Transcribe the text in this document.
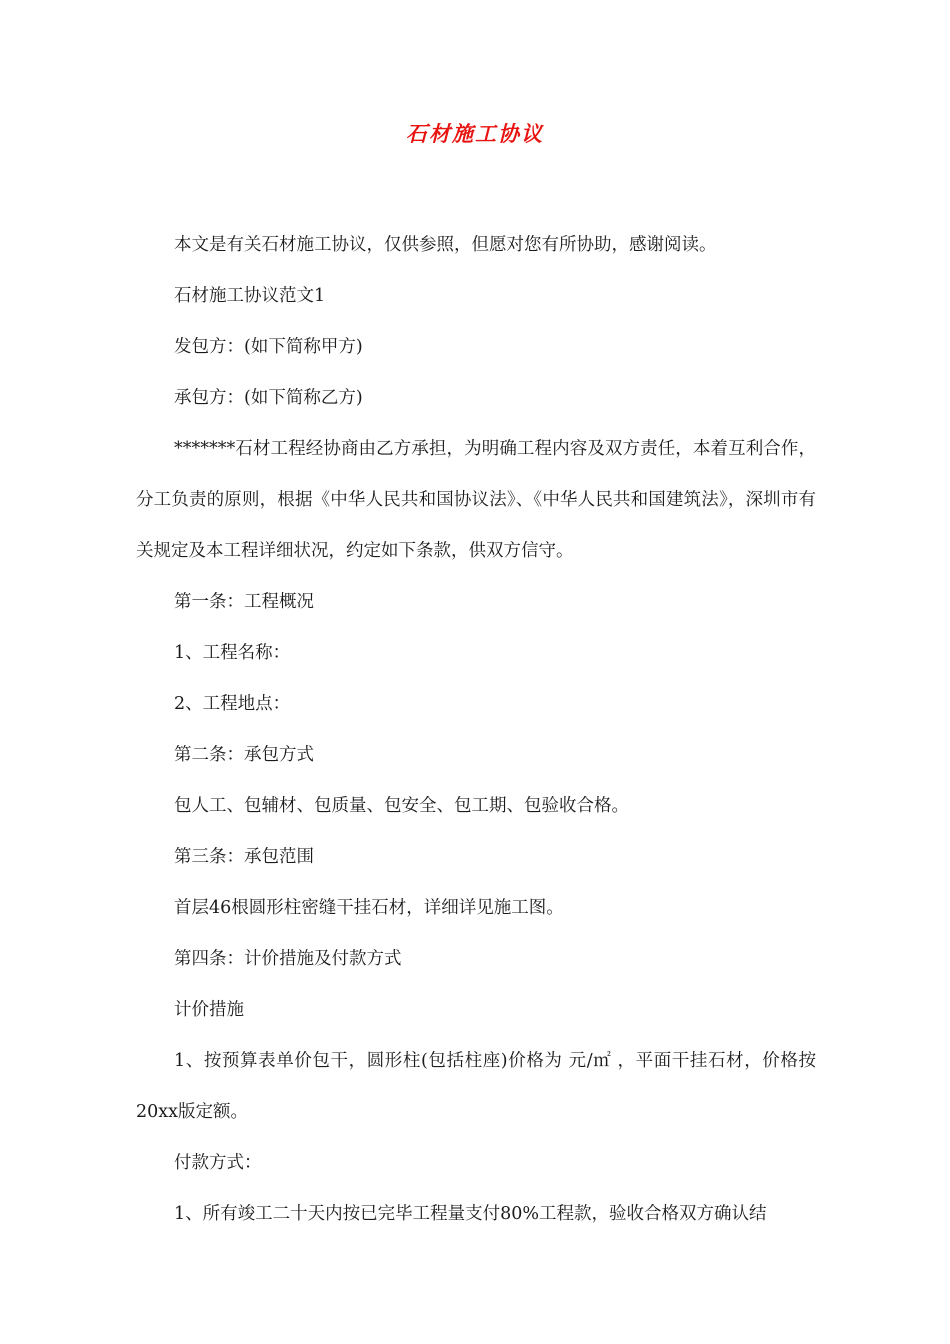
石材施工协议

本文是有关石材施工协议，仅供参照，但愿对您有所协助，感谢阅读。

石材施工协议范文1

发包方：(如下简称甲方)

承包方：(如下简称乙方)

*******石材工程经协商由乙方承担，为明确工程内容及双方责任，本着互利合作，分工负责的原则，根据《中华人民共和国协议法》、《中华人民共和国建筑法》，深圳市有关规定及本工程详细状况，约定如下条款，供双方信守。

第一条：工程概况

1、工程名称：

2、工程地点：

第二条：承包方式

包人工、包辅材、包质量、包安全、包工期、包验收合格。

第三条：承包范围

首层46根圆形柱密缝干挂石材，详细详见施工图。

第四条：计价措施及付款方式

计价措施

1、按预算表单价包干，圆形柱(包括柱座)价格为 元/㎡ ，平面干挂石材，价格按20xx版定额。

付款方式：

1、所有竣工二十天内按已完毕工程量支付80%工程款，验收合格双方确认结
